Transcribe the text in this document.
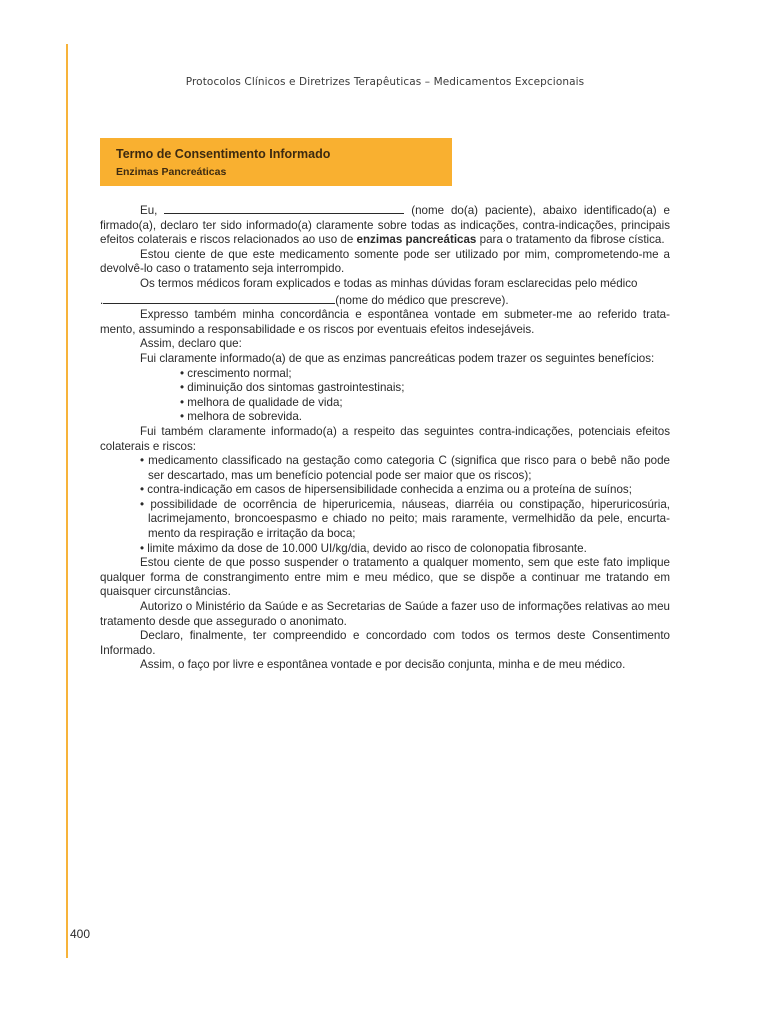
Protocolos Clínicos e Diretrizes Terapêuticas – Medicamentos Excepcionais
Termo de Consentimento Informado
Enzimas Pancreáticas

Eu,	(nome do(a) paciente), abaixo identificado(a) e firmado(a), declaro ter sido informado(a) claramente sobre todas as indicações, contra-indicações, principais efeitos colaterais e riscos relacionados ao uso de enzimas pancreáticas para o tratamento da fibrose cística.

Estou ciente de que este medicamento somente pode ser utilizado por mim, comprometendo-me a devolvê-lo caso o tratamento seja interrompido.

Os termos médicos foram explicados e todas as minhas dúvidas foram esclarecidas pelo médico

.	(nome do médico que prescreve).

Expresso também minha concordância e espontânea vontade em submeter-me ao referido trata-mento, assumindo a responsabilidade e os riscos por eventuais efeitos indesejáveis.

Assim, declaro que:

Fui claramente informado(a) de que as enzimas pancreáticas podem trazer os seguintes benefícios:

• crescimento normal;

• diminuição dos sintomas gastrointestinais;

• melhora de qualidade de vida;

• melhora de sobrevida.

Fui também claramente informado(a) a respeito das seguintes contra-indicações, potenciais efeitos colaterais e riscos:

• medicamento classificado na gestação como categoria C (significa que risco para o bebê não pode ser descartado, mas um benefício potencial pode ser maior que os riscos);

• contra-indicação em casos de hipersensibilidade conhecida a enzima ou a proteína de suínos;

• possibilidade de ocorrência de hiperuricemia, náuseas, diarréia ou constipação, hiperuricosúria, lacrimejamento, broncoespasmo e chiado no peito; mais raramente, vermelhidão da pele, encurta-mento da respiração e irritação da boca;

• limite máximo da dose de 10.000 UI/kg/dia, devido ao risco de colonopatia fibrosante.

Estou ciente de que posso suspender o tratamento a qualquer momento, sem que este fato implique qualquer forma de constrangimento entre mim e meu médico, que se dispõe a continuar me tratando em quaisquer circunstâncias.

Autorizo o Ministério da Saúde e as Secretarias de Saúde a fazer uso de informações relativas ao meu tratamento desde que assegurado o anonimato.

Declaro, finalmente, ter compreendido e concordado com todos os termos deste Consentimento Informado.

Assim, o faço por livre e espontânea vontade e por decisão conjunta, minha e de meu médico.

400
